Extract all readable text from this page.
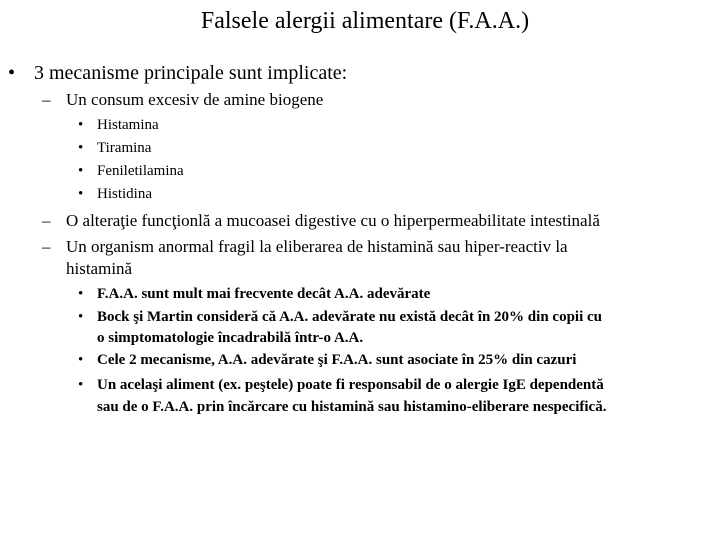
Falsele alergii alimentare (F.A.A.)
• 3 mecanisme principale sunt implicate:
– Un consum excesiv de amine biogene
• Histamina
• Tiramina
• Feniletilamina
• Histidina
– O alteraţie funcţionlă a mucoasei digestive cu o hiperpermeabilitate intestinală
– Un organism anormal fragil la eliberarea de histamină sau hiper-reactiv la
histamină
• F.A.A. sunt mult mai frecvente decât A.A. adevărate
• Bock şi Martin consideră că A.A. adevărate nu există decât în 20% din copii cu
o simptomatologie încadrabilă într-o A.A.
• Cele 2 mecanisme, A.A. adevărate şi F.A.A. sunt asociate în 25% din cazuri
• Un acelaşi aliment (ex. peştele) poate fi responsabil de o alergie IgE dependentă
sau de o F.A.A. prin încărcare cu histamină sau histamino-eliberare nespecifică.
